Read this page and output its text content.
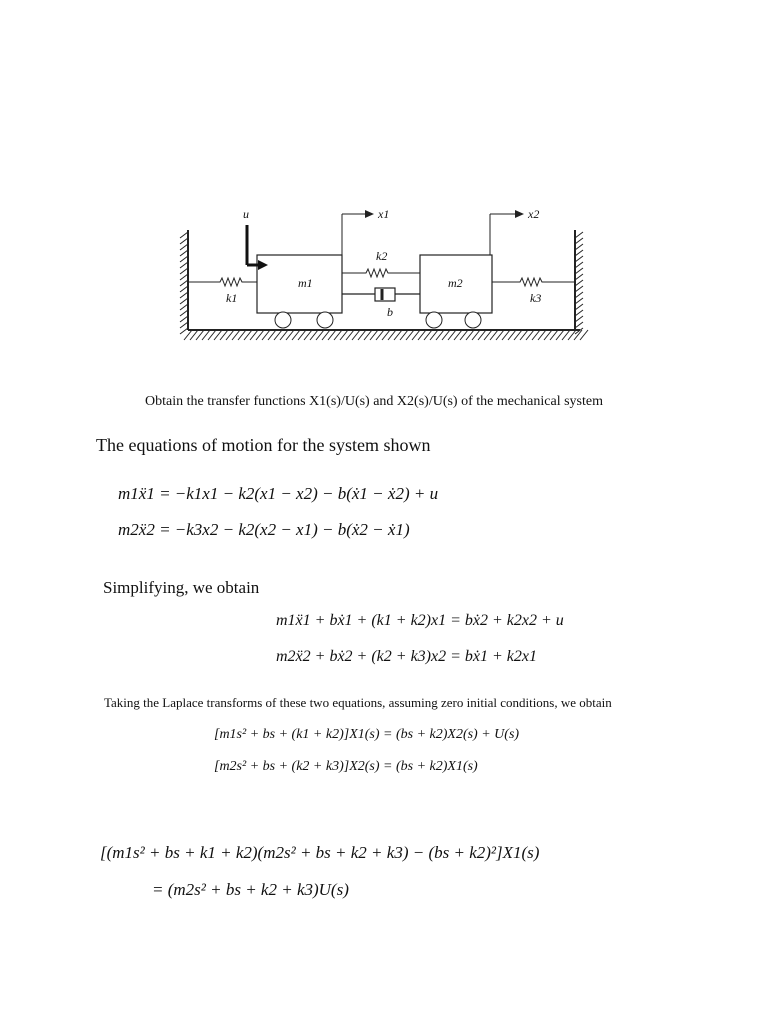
u	x1	x2
k2
m1	m2
k1	k3
b
Obtain the transfer functions X1(s)/U(s) and X2(s)/U(s) of the mechanical system
The equations of motion for the system shown
m1ẍ1 = −k1x1 − k2(x1 − x2) − b(ẋ1 − ẋ2) + u
m2ẍ2 = −k3x2 − k2(x2 − x1) − b(ẋ2 − ẋ1)
Simplifying, we obtain
m1ẍ1 + bẋ1 + (k1 + k2)x1 = bẋ2 + k2x2 + u
m2ẍ2 + bẋ2 + (k2 + k3)x2 = bẋ1 + k2x1
Taking the Laplace transforms of these two equations, assuming zero initial conditions, we obtain
[m1s² + bs + (k1 + k2)]X1(s) = (bs + k2)X2(s) + U(s)
[m2s² + bs + (k2 + k3)]X2(s) = (bs + k2)X1(s)
[(m1s² + bs + k1 + k2)(m2s² + bs + k2 + k3) − (bs + k2)²]X1(s)
= (m2s² + bs + k2 + k3)U(s)
